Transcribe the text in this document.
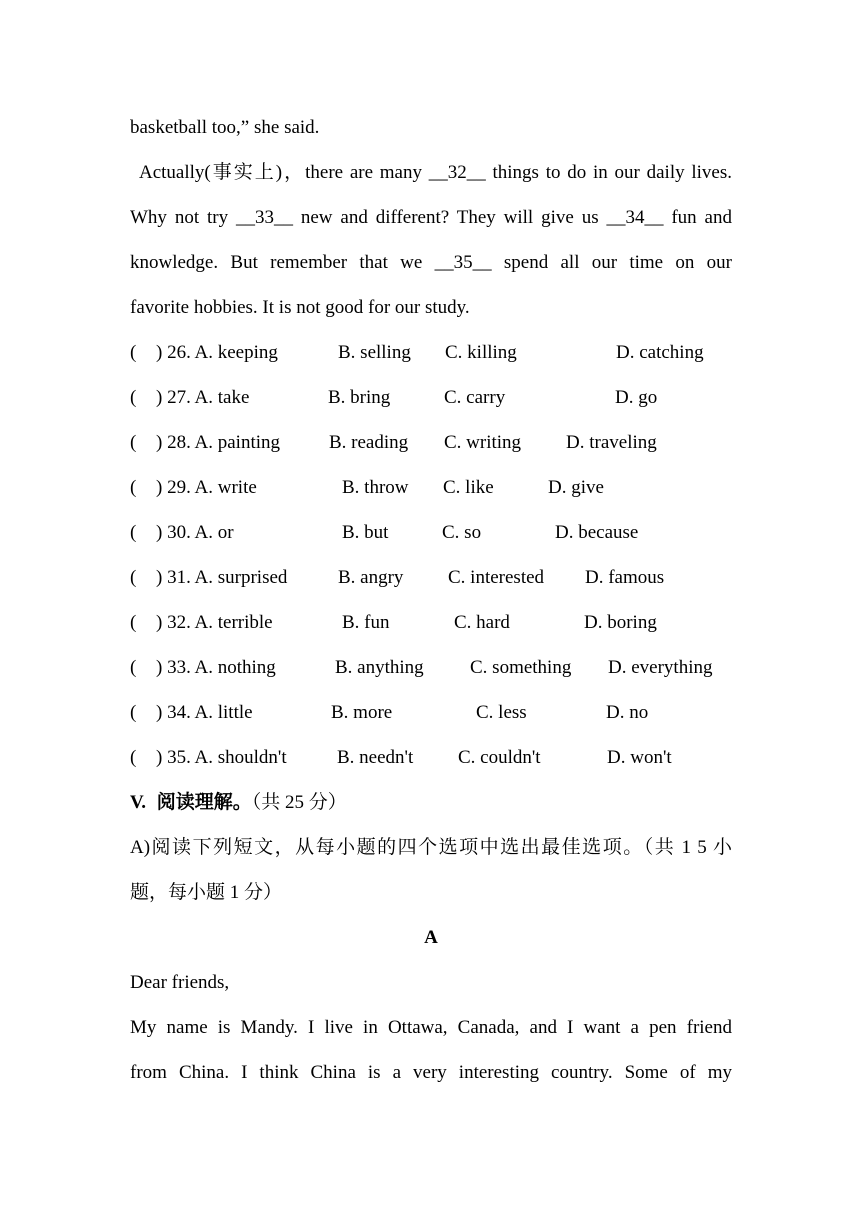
basketball too,” she said.
Actually(事实上)，there are many __32__ things to do in our daily lives.
Why not try __33__ new and different? They will give us __34__ fun and
knowledge. But remember that we __35__ spend all our time on our
favorite hobbies. It is not good for our study.
( ) 26. A. keeping	B. selling C. killing	D. catching
( ) 27. A. take	B. bring	C. carry	D. go
( ) 28. A. painting	B. reading C. writing D. traveling
( ) 29. A. write	B. throw C. like	D. give
( ) 30. A. or	B. but	C. so	D. because
( ) 31. A. surprised	B. angry C. interested D. famous
( ) 32. A. terrible	B. fun	C. hard	D. boring
( ) 33. A. nothing	B. anything C. something D. everything
( ) 34. A. little	B. more	C. less	D. no
( ) 35. A. shouldn't	B. needn't C. couldn't	D. won't
V. 阅读理解。（共 25 分）
A)阅读下列短文，从每小题的四个选项中选出最佳选项。（共 1 5 小
题，每小题 1 分）
A
Dear friends,
My name is Mandy. I live in Ottawa, Canada, and I want a pen friend
from China. I think China is a very interesting country. Some of my
